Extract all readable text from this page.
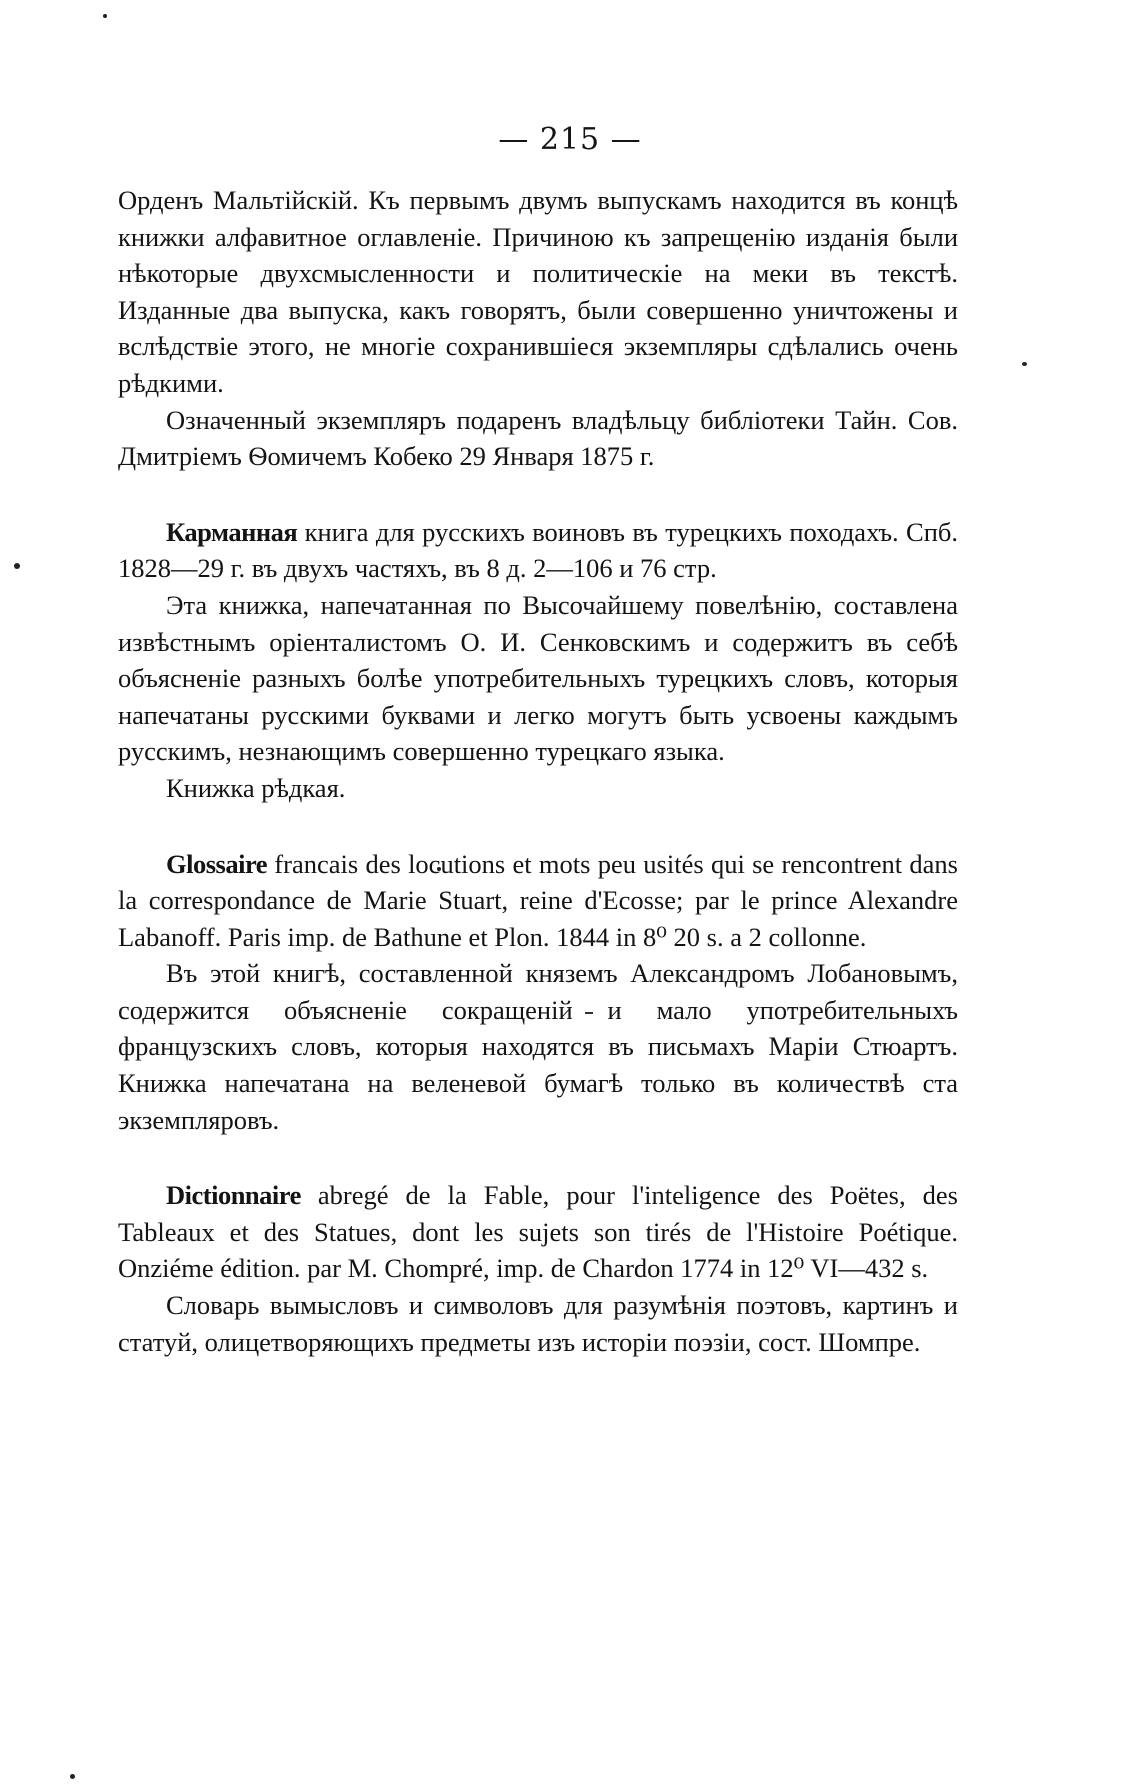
— 215 —

Орденъ Мальтійскій. Къ первымъ двумъ выпускамъ находится въ концѣ книжки алфавитное оглавленіе. Причиною къ запрещенію изданія были нѣкоторые двухсмысленности и политическіе на меки въ текстѣ. Изданные два выпуска, какъ говорятъ, были совершенно уничтожены и вслѣдствіе этого, не многіе сохранившіеся экземпляры сдѣлались очень рѣдкими.

Означенный экземпляръ подаренъ владѣльцу библіотеки Тайн. Сов. Дмитріемъ Ѳомичемъ Кобеко 29 Января 1875 г.

Карманная книга для русскихъ воиновъ въ турецкихъ походахъ. Спб. 1828—29 г. въ двухъ частяхъ, въ 8 д. 2—106 и 76 стр.

Эта книжка, напечатанная по Высочайшему повелѣнію, составлена извѣстнымъ оріенталистомъ О. И. Сенковскимъ и содержитъ въ себѣ объясненіе разныхъ болѣе употребительныхъ турецкихъ словъ, которыя напечатаны русскими буквами и легко могутъ быть усвоены каждымъ русскимъ, незнающимъ совершенно турецкаго языка.

Книжка рѣдкая.

Glossaire francais des locutions et mots peu usités qui se rencontrent dans la correspondance de Marie Stuart, reine d'Ecosse; par le prince Alexandre Labanoff. Paris imp. de Bathune et Plon. 1844 in 8⁰ 20 s. a 2 collonne.

Въ этой книгѣ, составленной княземъ Александромъ Лобановымъ, содержится объясненіе сокращеній и мало употребительныхъ французскихъ словъ, которыя находятся въ письмахъ Маріи Стюартъ. Книжка напечатана на веленевой бумагѣ только въ количествѣ ста экземпляровъ.

Dictionnaire abregé de la Fable, pour l'inteligence des Poëtes, des Tableaux et des Statues, dont les sujets son tirés de l'Histoire Poétique. Onziéme édition. par M. Chompré, imp. de Chardon 1774 in 12⁰ VI—432 s.

Словарь вымысловъ и символовъ для разумѣнія поэтовъ, картинъ и статуй, олицетворяющихъ предметы изъ исторіи поэзіи, сост. Шомпре.
